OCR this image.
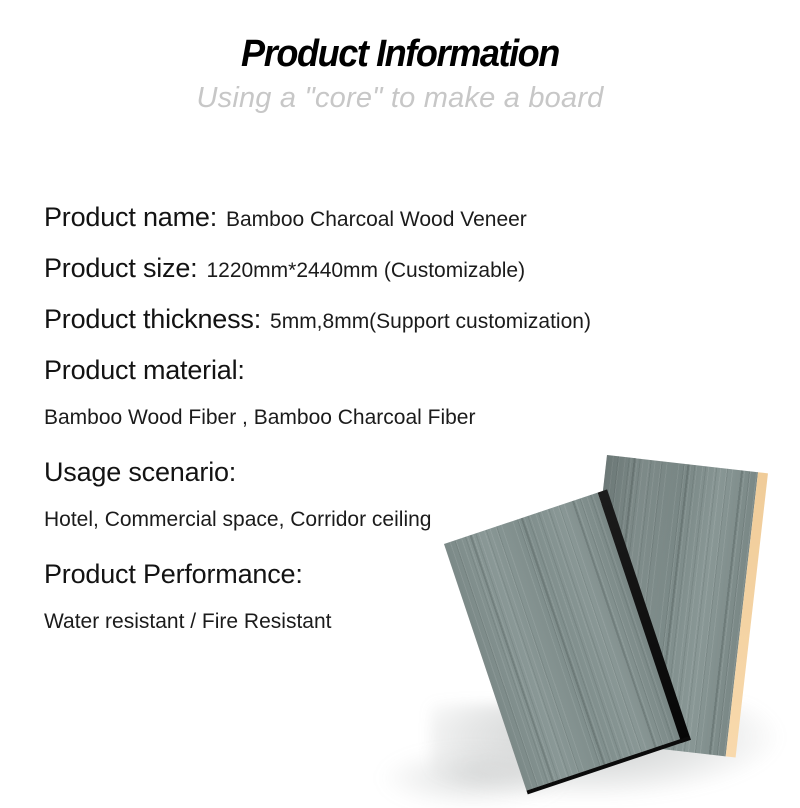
Product Information
Using a "core" to make a board
Product name: Bamboo Charcoal Wood Veneer
Product size: 1220mm*2440mm (Customizable)
Product thickness: 5mm,8mm(Support customization)
Product material:
Bamboo Wood Fiber , Bamboo Charcoal Fiber
Usage scenario:
Hotel, Commercial space, Corridor ceiling
Product Performance:
Water resistant / Fire Resistant
